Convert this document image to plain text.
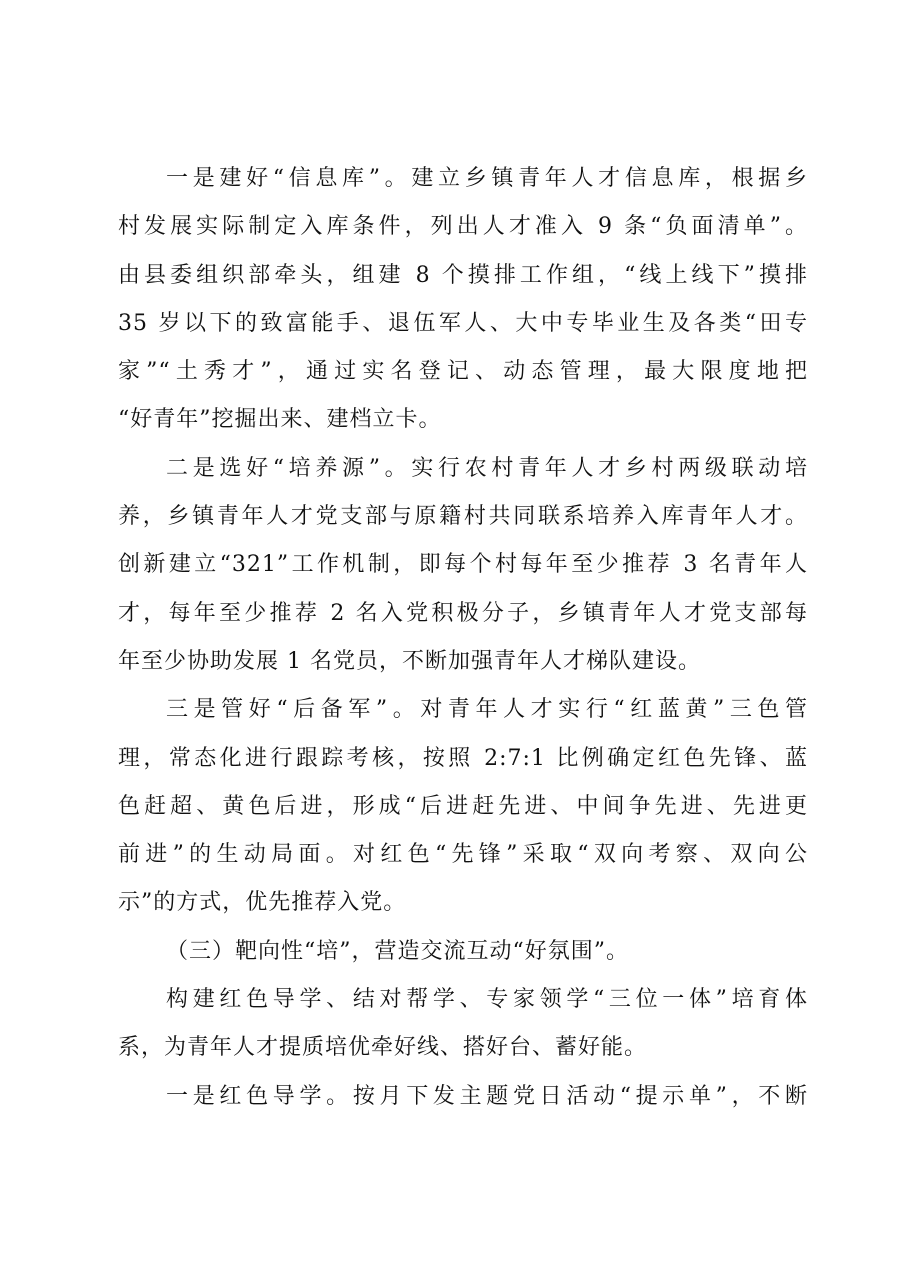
一是建好“信息库”。建立乡镇青年人才信息库，根据乡
村发展实际制定入库条件，列出人才准入 9 条“负面清单”。
由县委组织部牵头，组建 8 个摸排工作组，“线上线下”摸排
35 岁以下的致富能手、退伍军人、大中专毕业生及各类“田专
家”“土秀才”，通过实名登记、动态管理，最大限度地把
“好青年”挖掘出来、建档立卡。
二是选好“培养源”。实行农村青年人才乡村两级联动培
养，乡镇青年人才党支部与原籍村共同联系培养入库青年人才。
创新建立“321”工作机制，即每个村每年至少推荐 3 名青年人
才，每年至少推荐 2 名入党积极分子，乡镇青年人才党支部每
年至少协助发展 1 名党员，不断加强青年人才梯队建设。
三是管好“后备军”。对青年人才实行“红蓝黄”三色管
理，常态化进行跟踪考核，按照 2:7:1 比例确定红色先锋、蓝
色赶超、黄色后进，形成“后进赶先进、中间争先进、先进更
前进”的生动局面。对红色“先锋”采取“双向考察、双向公
示”的方式，优先推荐入党。
（三）靶向性“培”，营造交流互动“好氛围”。
构建红色导学、结对帮学、专家领学“三位一体”培育体
系，为青年人才提质培优牵好线、搭好台、蓄好能。
一是红色导学。按月下发主题党日活动“提示单”，不断
